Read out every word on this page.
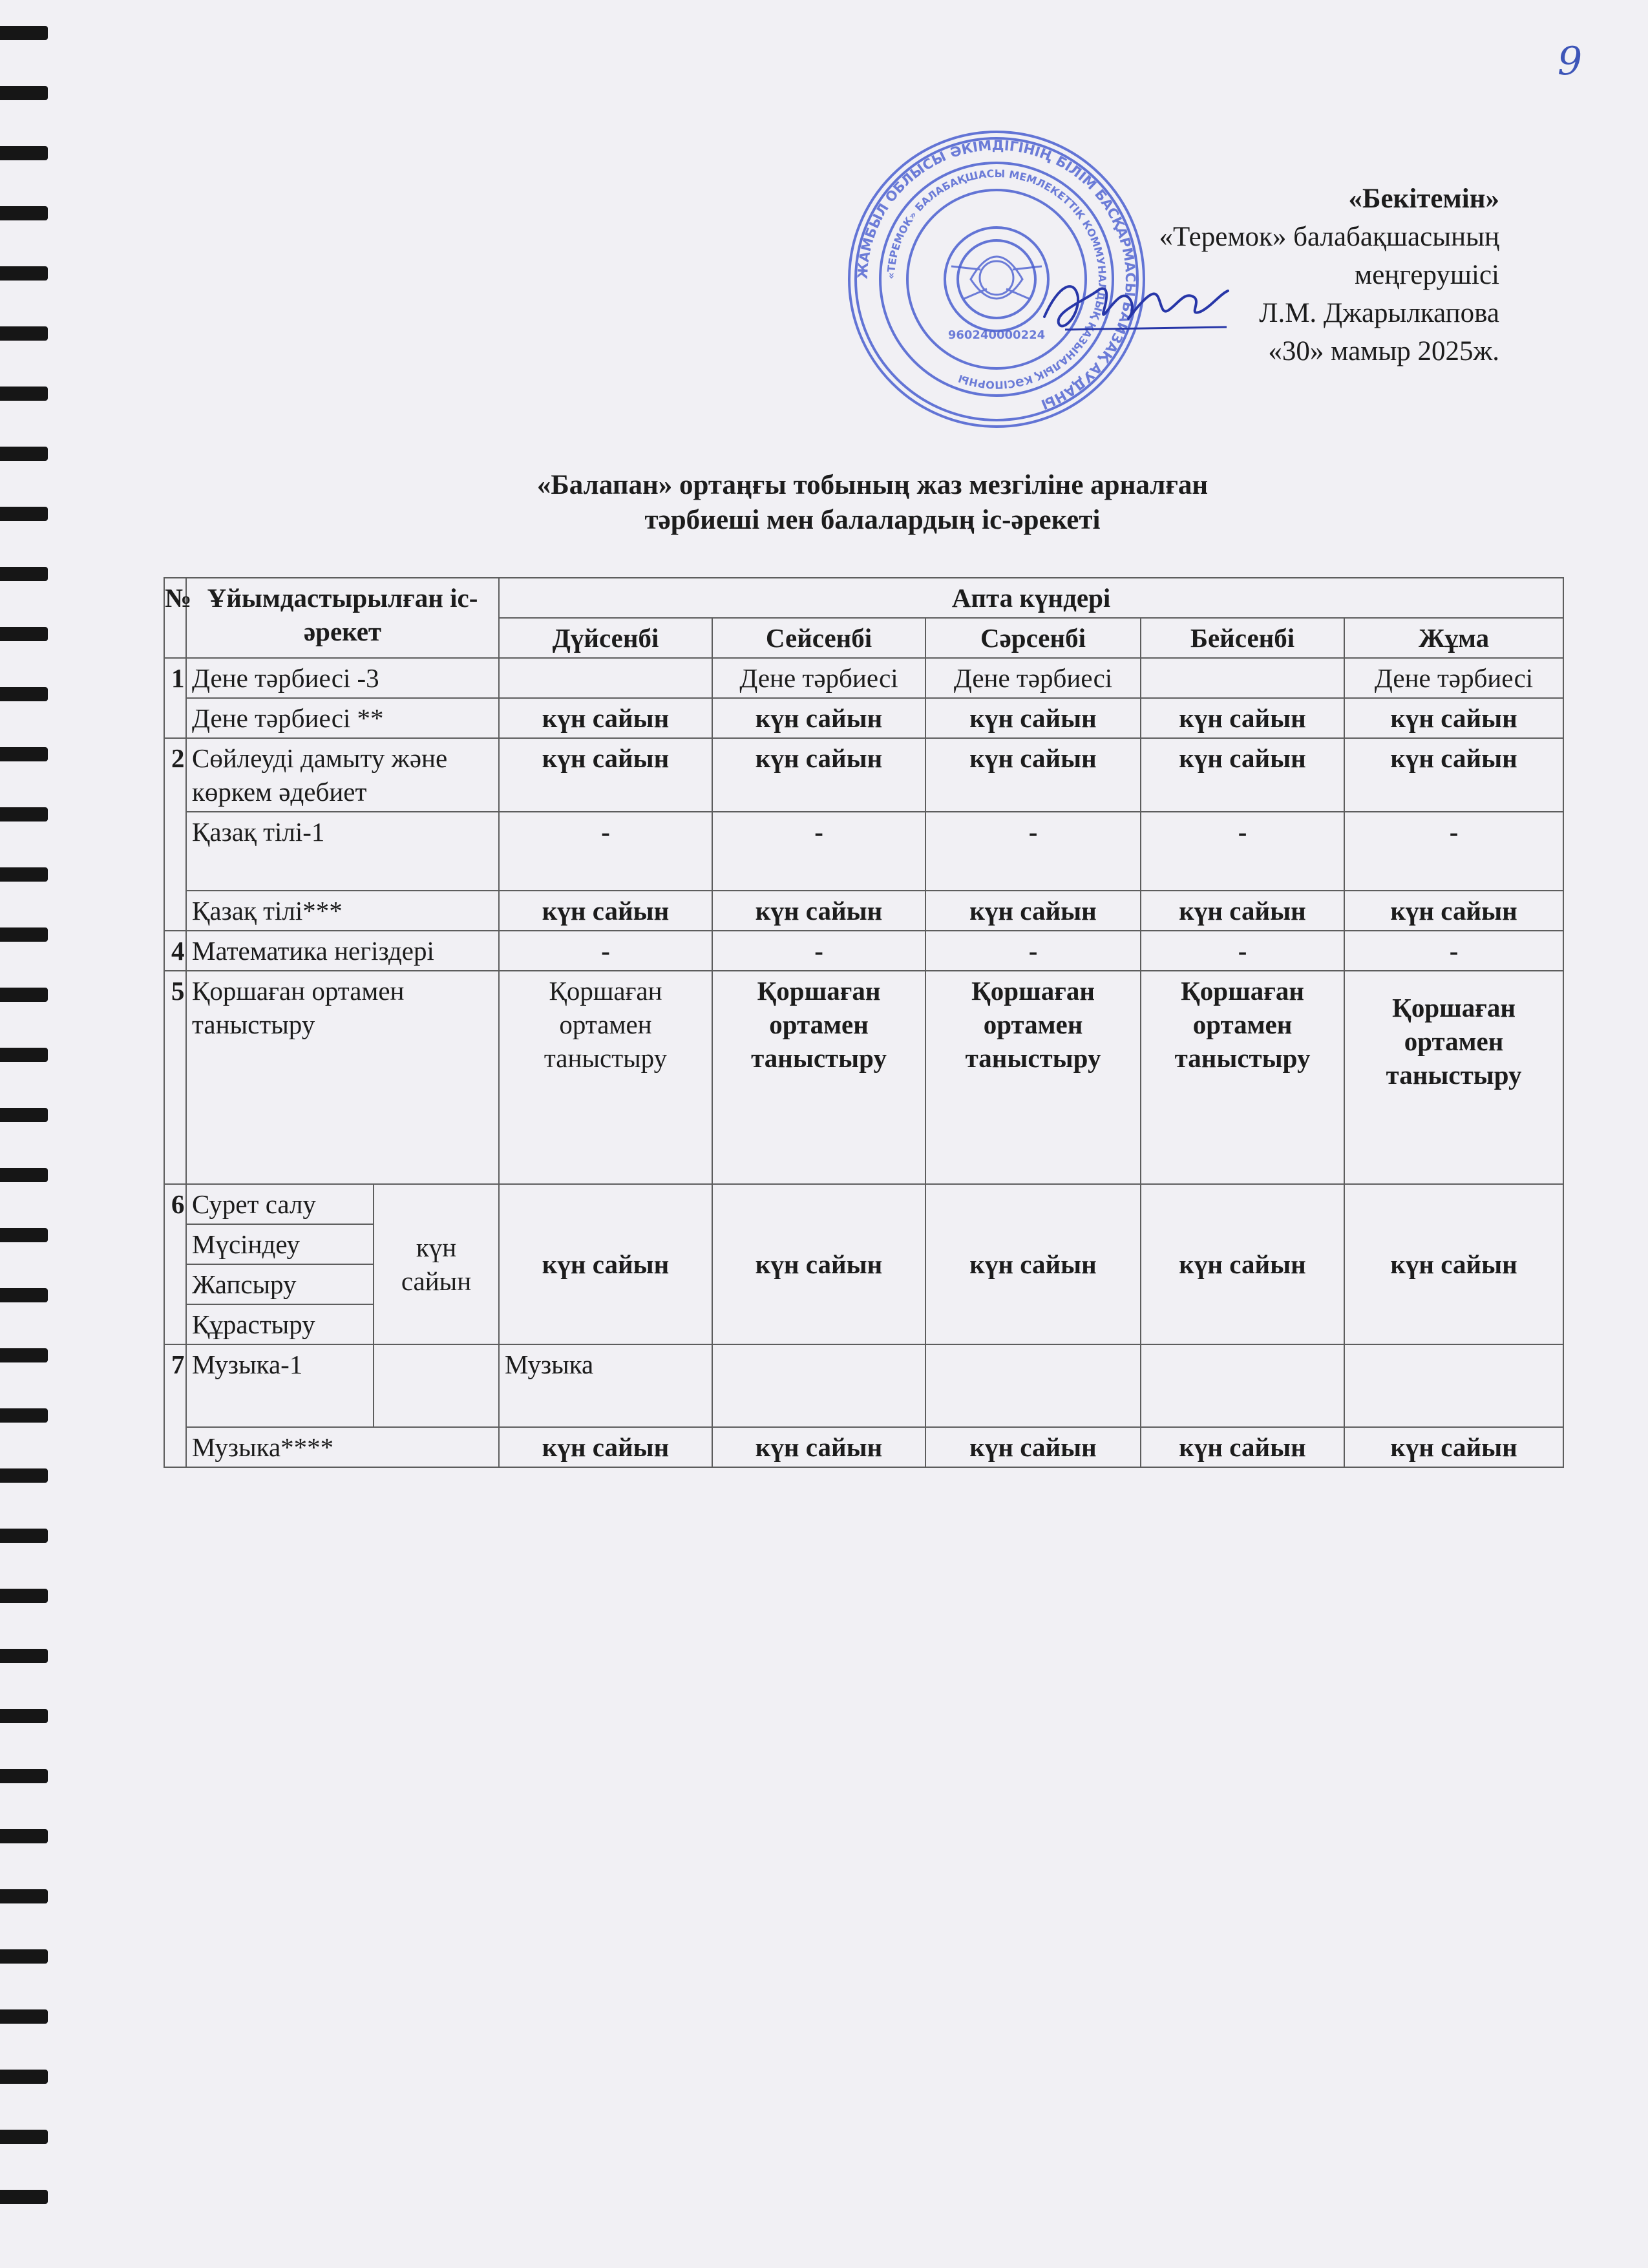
9
ЖАМБЫЛ ОБЛЫСЫ ӘКІМДІГІНІҢ БІЛІМ БАСҚАРМАСЫ БАЙЗАҚ АУДАНЫ
«ТЕРЕМОК» БАЛАБАҚШАСЫ МЕМЛЕКЕТТІК КОММУНАЛДЫҚ ҚАЗЫНАЛЫҚ КӘСІПОРНЫ
960240000224
«Бекітемін»
«Теремок» балабақшасының
меңгерушісі
Л.М. Джарылкапова
«30» мамыр 2025ж.
«Балапан» ортаңғы тобының жаз мезгіліне арналған
тәрбиеші мен балалардың іс-әрекеті
№	Ұйымдастырылған іс-әрекет		Апта күндері				
			Дүйсенбі	Сейсенбі	Сәрсенбі	Бейсенбі	Жұма
1	Дене тәрбиесі -3			Дене тәрбиесі	Дене тәрбиесі		Дене тәрбиесі
	Дене тәрбиесі **		күн сайын	күн сайын	күн сайын	күн сайын	күн сайын
2	Сөйлеуді дамыту және көркем әдебиет		күн сайын	күн сайын	күн сайын	күн сайын	күн сайын
	Қазақ тілі-1		-	-	-	-	-
	Қазақ тілі***		күн сайын	күн сайын	күн сайын	күн сайын	күн сайын
4	Математика негіздері		-	-	-	-	-
5	Қоршаған ортамен таныстыру		Қоршаған ортамен таныстыру	Қоршаған ортамен таныстыру	Қоршаған ортамен таныстыру	Қоршаған ортамен таныстыру	Қоршаған ортамен таныстыру
6	Сурет салу	күн сайын	күн сайын	күн сайын	күн сайын	күн сайын	күн сайын
	Мүсіндеу						
	Жапсыру						
	Құрастыру						
7	Музыка-1		Музыка				
	Музыка****		күн сайын	күн сайын	күн сайын	күн сайын	күн сайын
